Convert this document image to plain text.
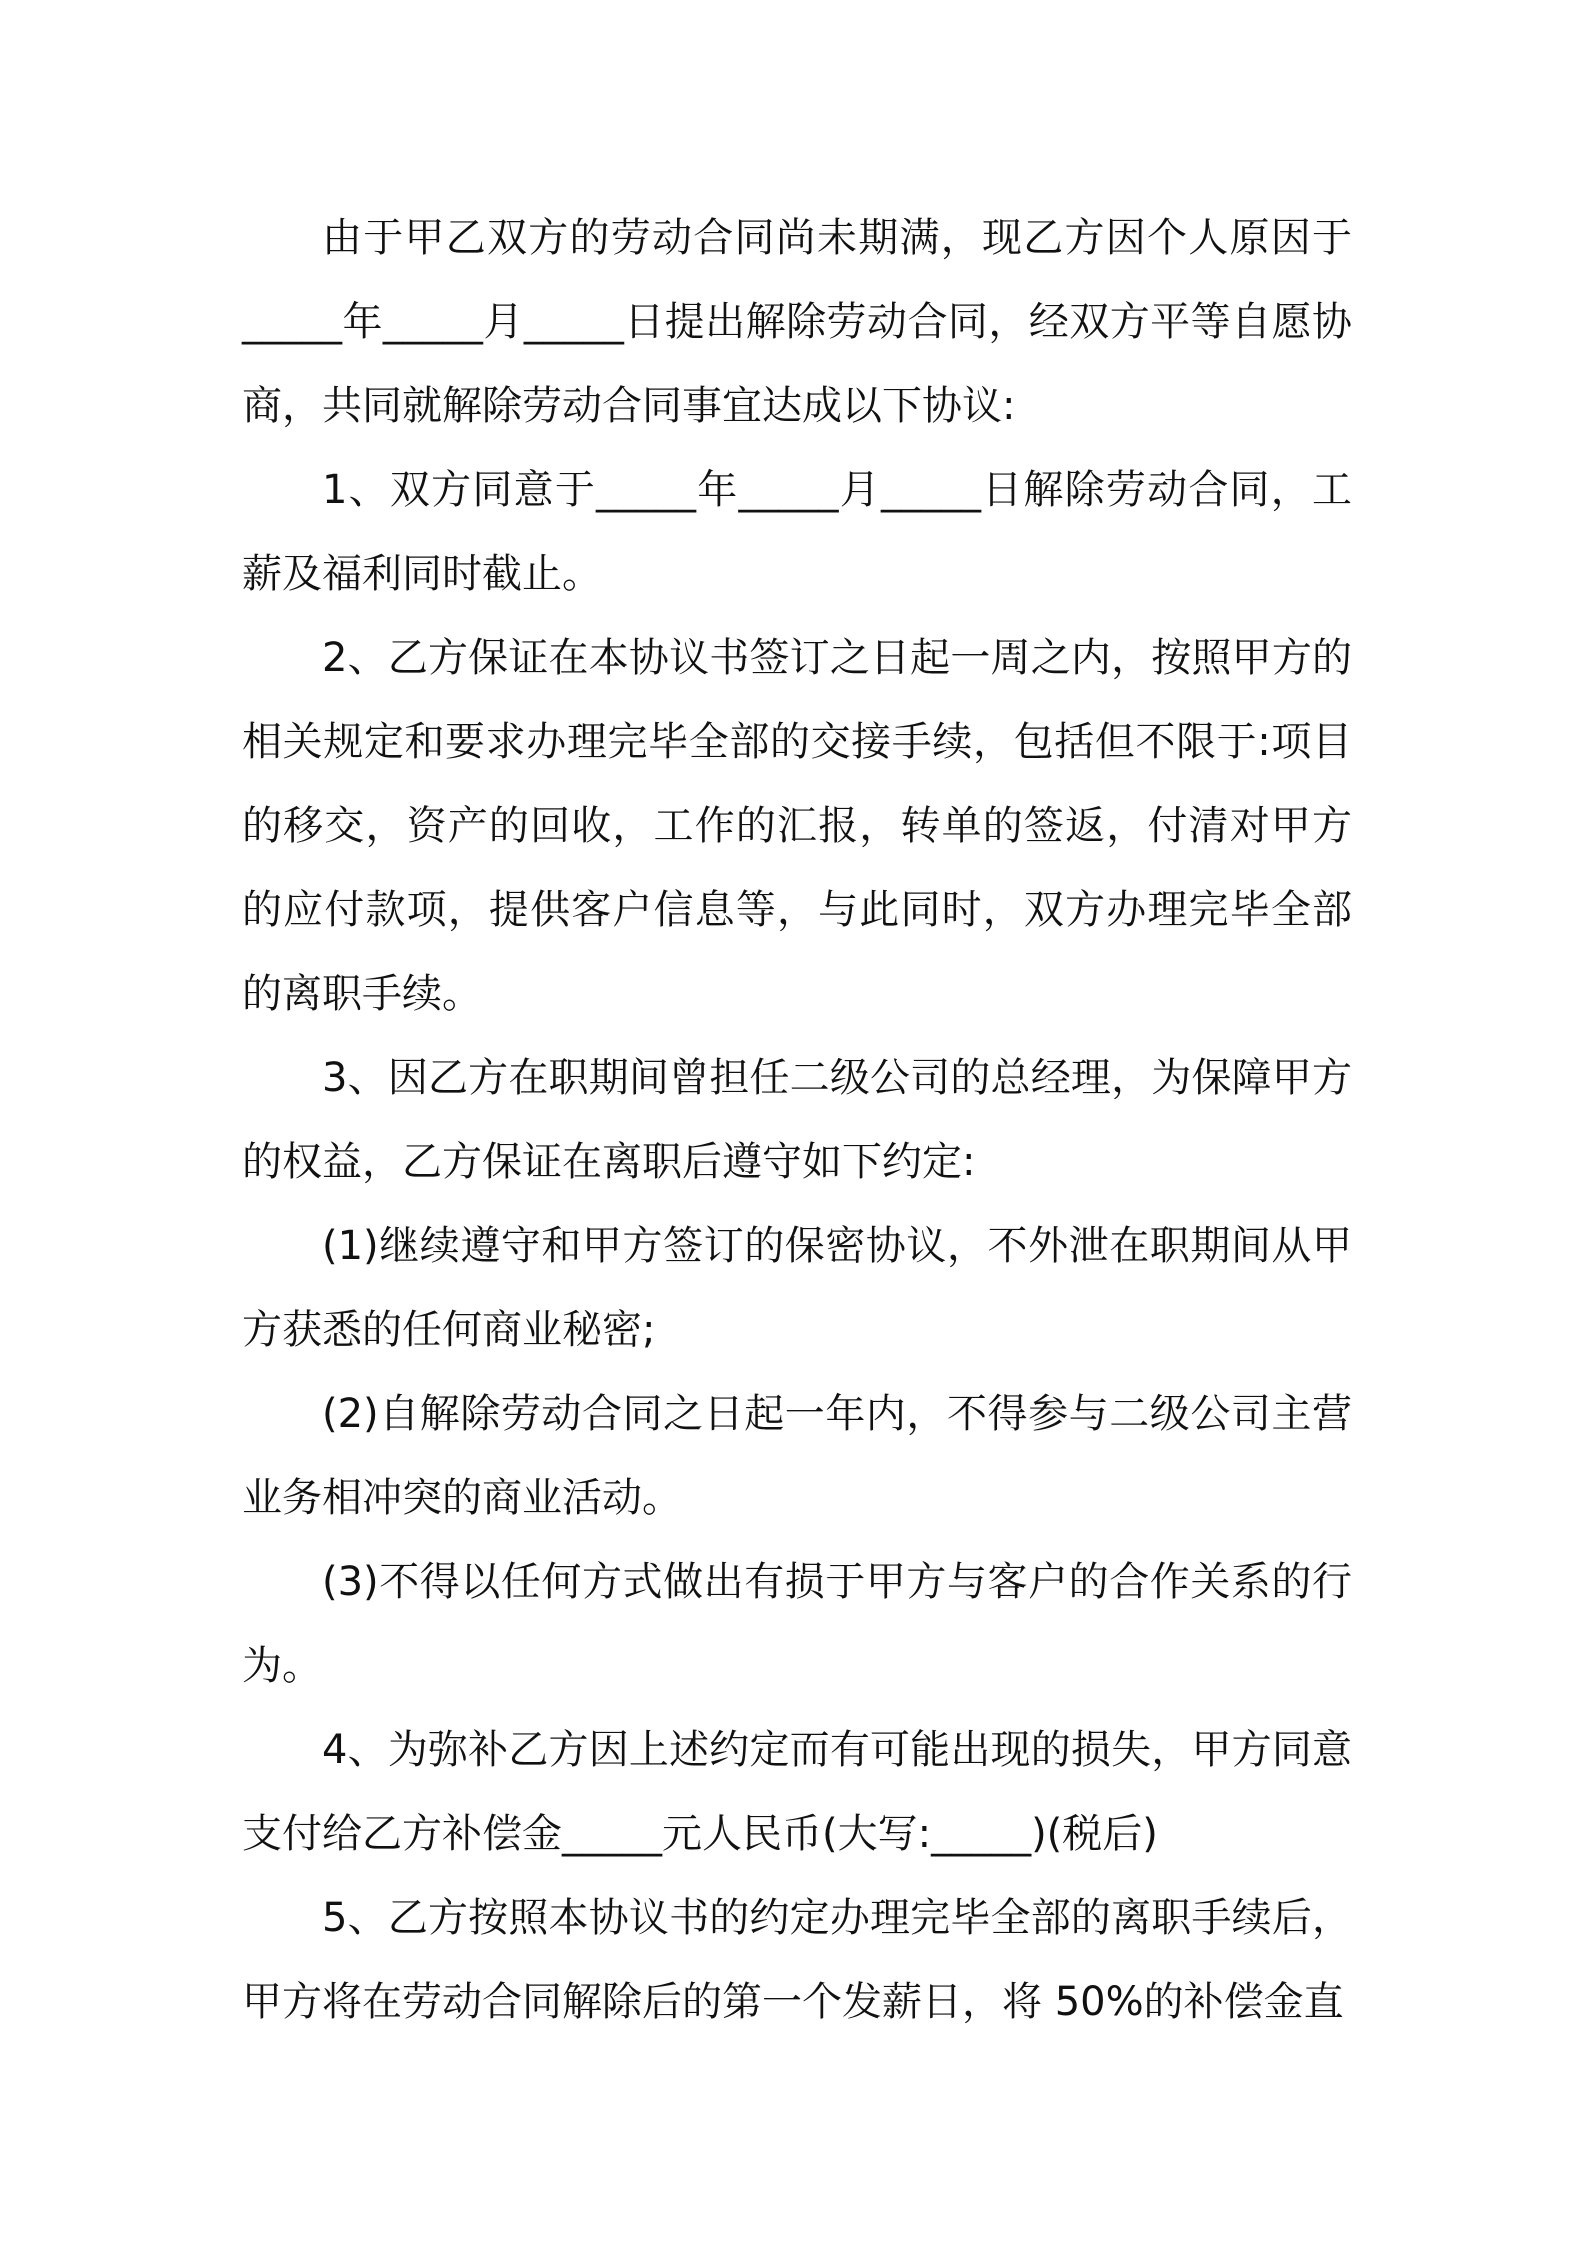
由于甲乙双方的劳动合同尚未期满，现乙方因个人原因于_____年_____月_____日提出解除劳动合同，经双方平等自愿协商，共同就解除劳动合同事宜达成以下协议:

1、双方同意于_____年_____月_____日解除劳动合同，工薪及福利同时截止。

2、乙方保证在本协议书签订之日起一周之内，按照甲方的相关规定和要求办理完毕全部的交接手续，包括但不限于:项目的移交，资产的回收，工作的汇报，转单的签返，付清对甲方的应付款项，提供客户信息等，与此同时，双方办理完毕全部的离职手续。

3、因乙方在职期间曾担任二级公司的总经理，为保障甲方的权益，乙方保证在离职后遵守如下约定:

(1)继续遵守和甲方签订的保密协议，不外泄在职期间从甲方获悉的任何商业秘密;

(2)自解除劳动合同之日起一年内，不得参与二级公司主营业务相冲突的商业活动。

(3)不得以任何方式做出有损于甲方与客户的合作关系的行为。

4、为弥补乙方因上述约定而有可能出现的损失，甲方同意支付给乙方补偿金_____元人民币(大写:_____)(税后)

5、乙方按照本协议书的约定办理完毕全部的离职手续后，甲方将在劳动合同解除后的第一个发薪日，将 50%的补偿金直
